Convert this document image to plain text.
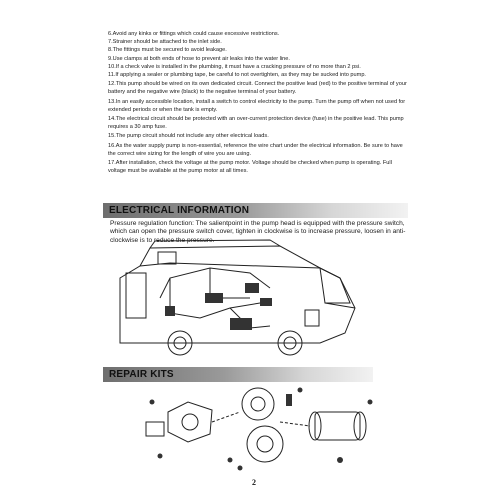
6.Avoid any kinks or fittings which could cause excessive restrictions.
7.Strainer should be attached to the inlet side.
8.The fittings must be secured to avoid leakage.
9.Use clamps at both ends of hose to prevent air leaks into the water line.
10.If a check valve is installed in the plumbing, it must have a cracking pressure of no more than 2 psi.
11.If applying a sealer or plumbing tape, be careful to not overtighten, as they may be sucked into pump.
12.This pump should be wired on its own dedicated circuit. Connect the positive lead (red) to the positive terminal of your battery and the negative wire (black) to the negative terminal of your battery.
13.In an easily accessible location, install a switch to control electricity to the pump. Turn the pump off when not used for extended periods or when the tank is empty.
14.The electrical circuit should be protected with an over-current protection device (fuse) in the positive lead. This pump requires a 30 amp fuse.
15.The pump circuit should not include any other electrical loads.
16.As the water supply pump is non-essential, reference the wire chart under the electrical information. Be sure to have the correct wire sizing for the length of wire you are using.
17.After installation, check the voltage at the pump motor. Voltage should be checked when pump is operating. Full voltage must be available at the pump motor at all times.
ELECTRICAL INFORMATION
Pressure regulation function: The salientpoint in the pump head is equipped with the pressure switch, which can open the pressure switch cover, tighten in clockwise is to increase pressure, loosen in anti-clockwise is to reduce the pressure.
REPAIR KITS
2
